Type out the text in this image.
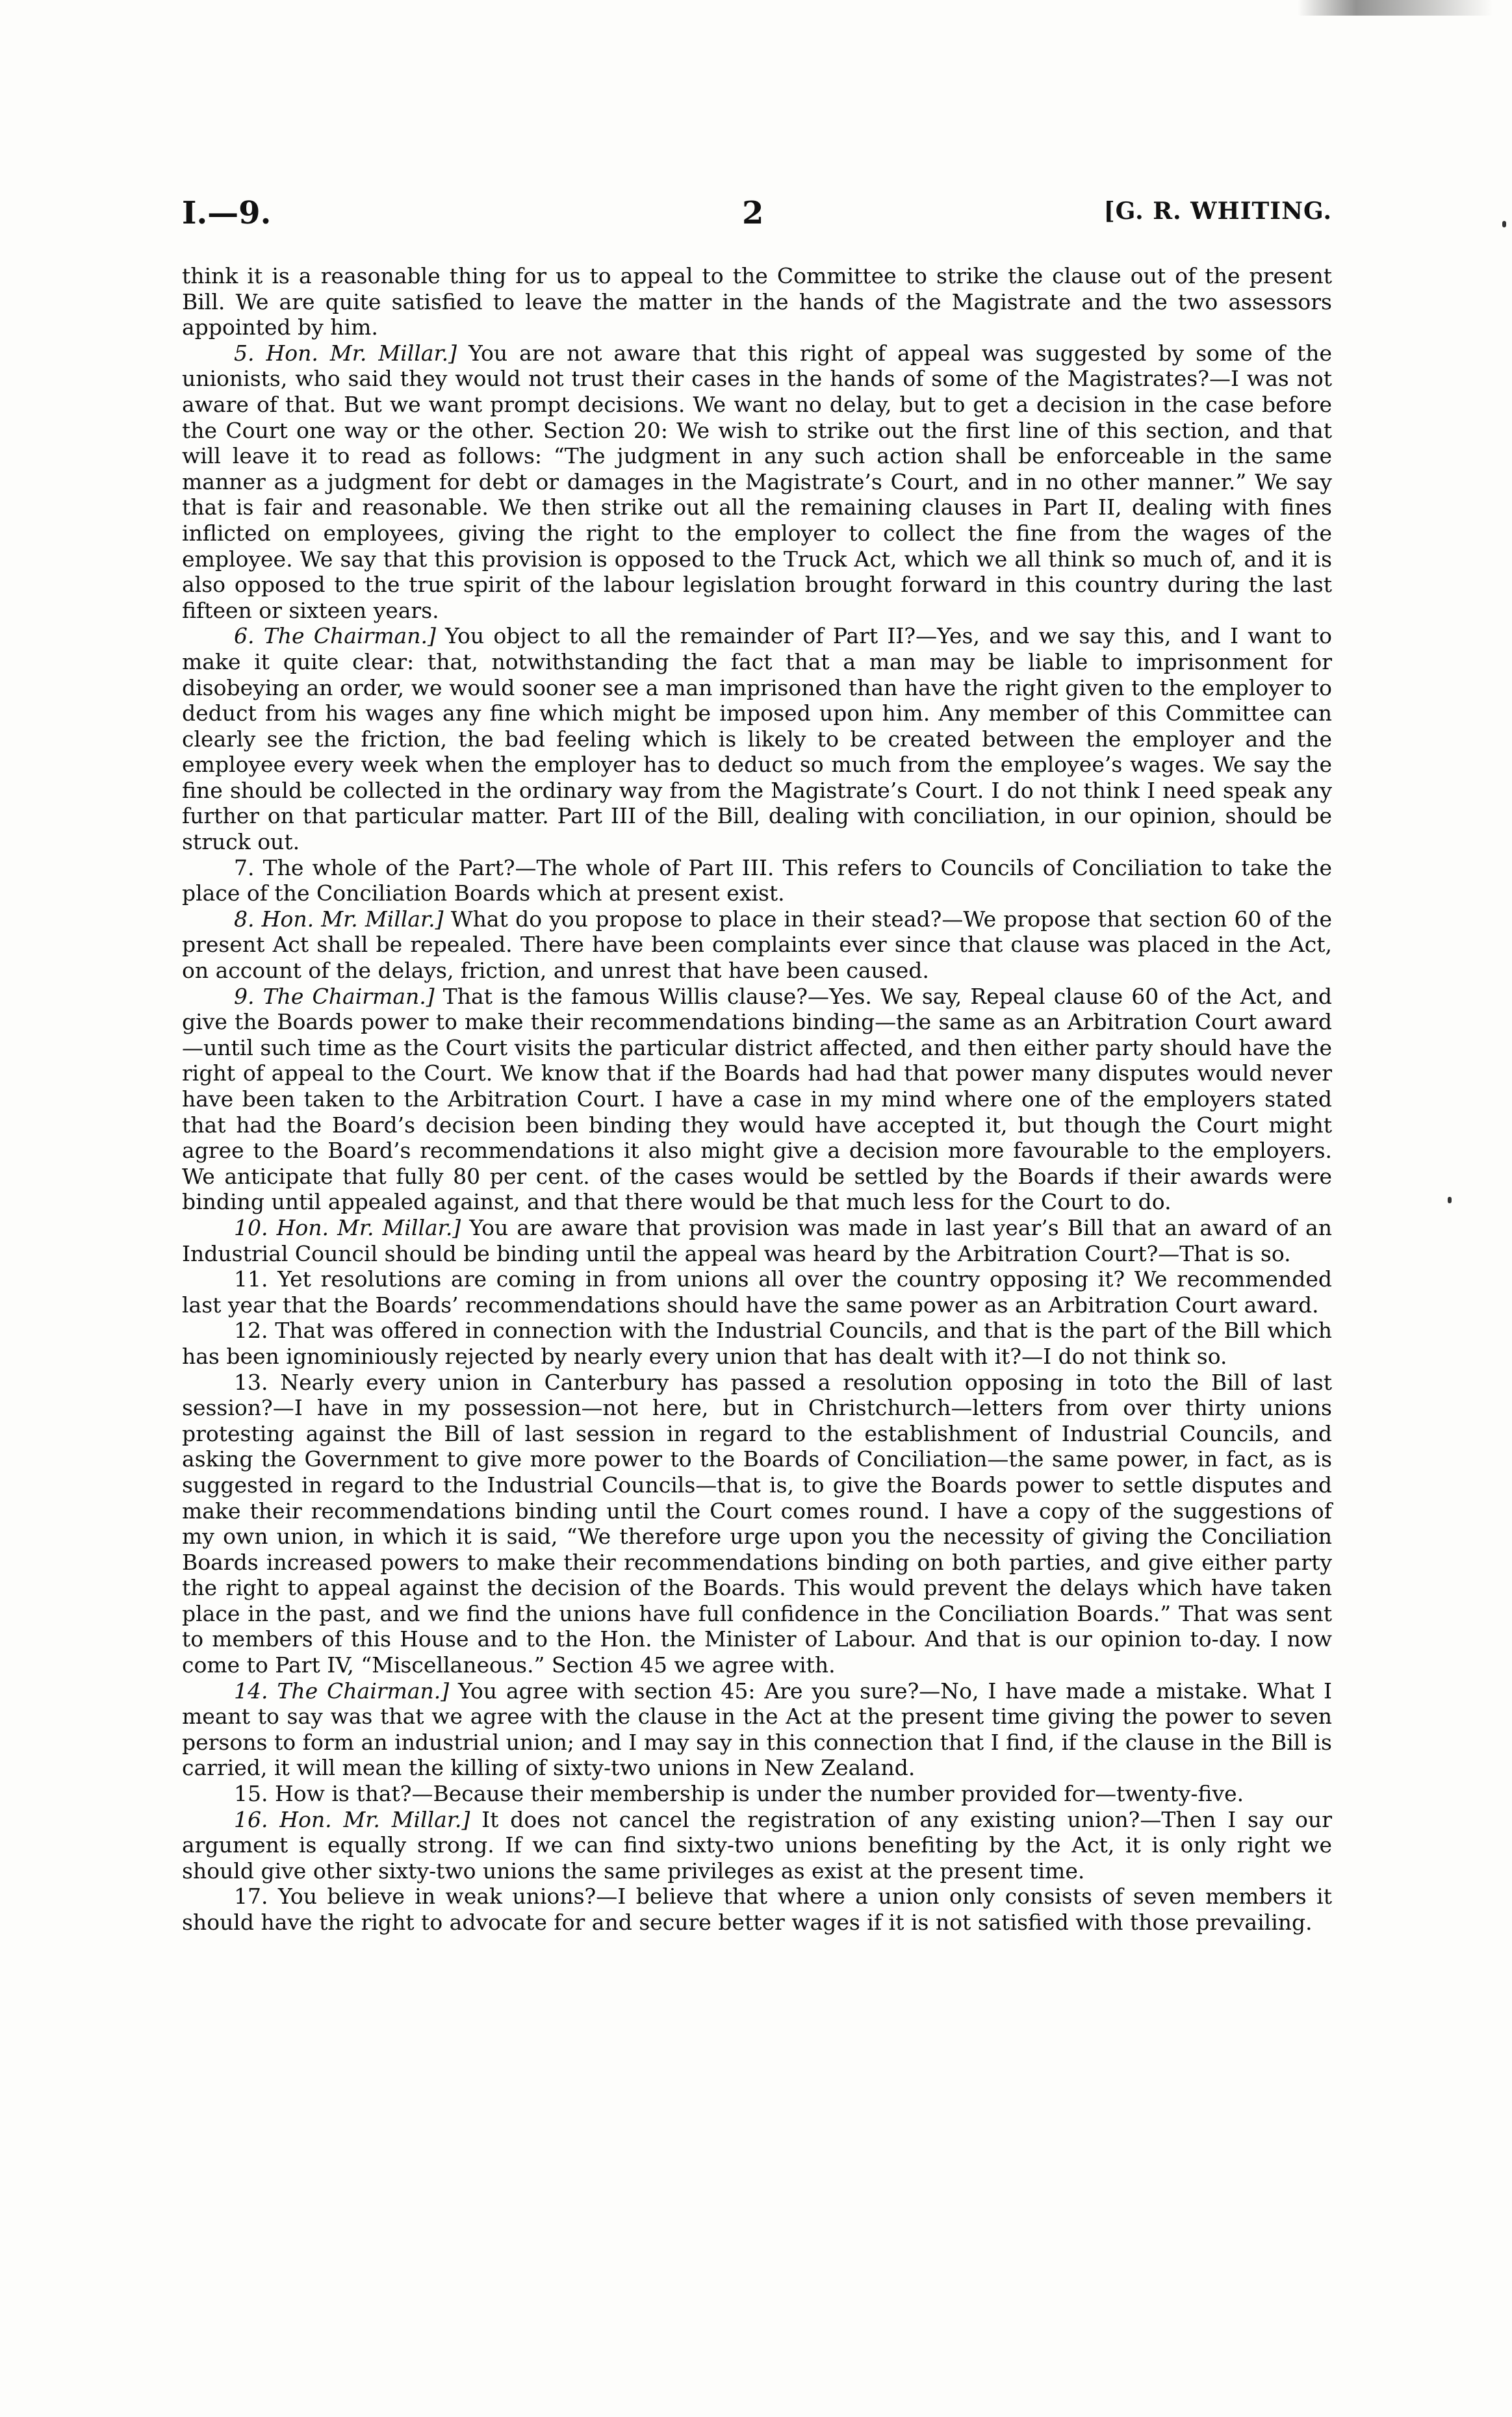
I.—9.	2	[G. R. WHITING.

think it is a reasonable thing for us to appeal to the Committee to strike the clause out of the present Bill. We are quite satisfied to leave the matter in the hands of the Magistrate and the two assessors appointed by him.

5. Hon. Mr. Millar.] You are not aware that this right of appeal was suggested by some of the unionists, who said they would not trust their cases in the hands of some of the Magistrates?—I was not aware of that. But we want prompt decisions. We want no delay, but to get a decision in the case before the Court one way or the other. Section 20: We wish to strike out the first line of this section, and that will leave it to read as follows: “The judgment in any such action shall be enforceable in the same manner as a judgment for debt or damages in the Magistrate’s Court, and in no other manner.” We say that is fair and reasonable. We then strike out all the remaining clauses in Part II, dealing with fines inflicted on employees, giving the right to the employer to collect the fine from the wages of the employee. We say that this provision is opposed to the Truck Act, which we all think so much of, and it is also opposed to the true spirit of the labour legislation brought forward in this country during the last fifteen or sixteen years.

6. The Chairman.] You object to all the remainder of Part II?—Yes, and we say this, and I want to make it quite clear: that, notwithstanding the fact that a man may be liable to imprisonment for disobeying an order, we would sooner see a man imprisoned than have the right given to the employer to deduct from his wages any fine which might be imposed upon him. Any member of this Committee can clearly see the friction, the bad feeling which is likely to be created between the employer and the employee every week when the employer has to deduct so much from the employee’s wages. We say the fine should be collected in the ordinary way from the Magistrate’s Court. I do not think I need speak any further on that particular matter. Part III of the Bill, dealing with conciliation, in our opinion, should be struck out.

7. The whole of the Part?—The whole of Part III. This refers to Councils of Conciliation to take the place of the Conciliation Boards which at present exist.

8. Hon. Mr. Millar.] What do you propose to place in their stead?—We propose that section 60 of the present Act shall be repealed. There have been complaints ever since that clause was placed in the Act, on account of the delays, friction, and unrest that have been caused.

9. The Chairman.] That is the famous Willis clause?—Yes. We say, Repeal clause 60 of the Act, and give the Boards power to make their recommendations binding—the same as an Arbitration Court award—until such time as the Court visits the particular district affected, and then either party should have the right of appeal to the Court. We know that if the Boards had had that power many disputes would never have been taken to the Arbitration Court. I have a case in my mind where one of the employers stated that had the Board’s decision been binding they would have accepted it, but though the Court might agree to the Board’s recommendations it also might give a decision more favourable to the employers. We anticipate that fully 80 per cent. of the cases would be settled by the Boards if their awards were binding until appealed against, and that there would be that much less for the Court to do.

10. Hon. Mr. Millar.] You are aware that provision was made in last year’s Bill that an award of an Industrial Council should be binding until the appeal was heard by the Arbitration Court?—That is so.

11. Yet resolutions are coming in from unions all over the country opposing it? We recommended last year that the Boards’ recommendations should have the same power as an Arbitration Court award.

12. That was offered in connection with the Industrial Councils, and that is the part of the Bill which has been ignominiously rejected by nearly every union that has dealt with it?—I do not think so.

13. Nearly every union in Canterbury has passed a resolution opposing in toto the Bill of last session?—I have in my possession—not here, but in Christchurch—letters from over thirty unions protesting against the Bill of last session in regard to the establishment of Industrial Councils, and asking the Government to give more power to the Boards of Conciliation—the same power, in fact, as is suggested in regard to the Industrial Councils—that is, to give the Boards power to settle disputes and make their recommendations binding until the Court comes round. I have a copy of the suggestions of my own union, in which it is said, “We therefore urge upon you the necessity of giving the Conciliation Boards increased powers to make their recommendations binding on both parties, and give either party the right to appeal against the decision of the Boards. This would prevent the delays which have taken place in the past, and we find the unions have full confidence in the Conciliation Boards.” That was sent to members of this House and to the Hon. the Minister of Labour. And that is our opinion to-day. I now come to Part IV, “Miscellaneous.” Section 45 we agree with.

14. The Chairman.] You agree with section 45: Are you sure?—No, I have made a mistake. What I meant to say was that we agree with the clause in the Act at the present time giving the power to seven persons to form an industrial union; and I may say in this connection that I find, if the clause in the Bill is carried, it will mean the killing of sixty-two unions in New Zealand.

15. How is that?—Because their membership is under the number provided for—twenty-five.

16. Hon. Mr. Millar.] It does not cancel the registration of any existing union?—Then I say our argument is equally strong. If we can find sixty-two unions benefiting by the Act, it is only right we should give other sixty-two unions the same privileges as exist at the present time.

17. You believe in weak unions?—I believe that where a union only consists of seven members it should have the right to advocate for and secure better wages if it is not satisfied with those prevailing.
